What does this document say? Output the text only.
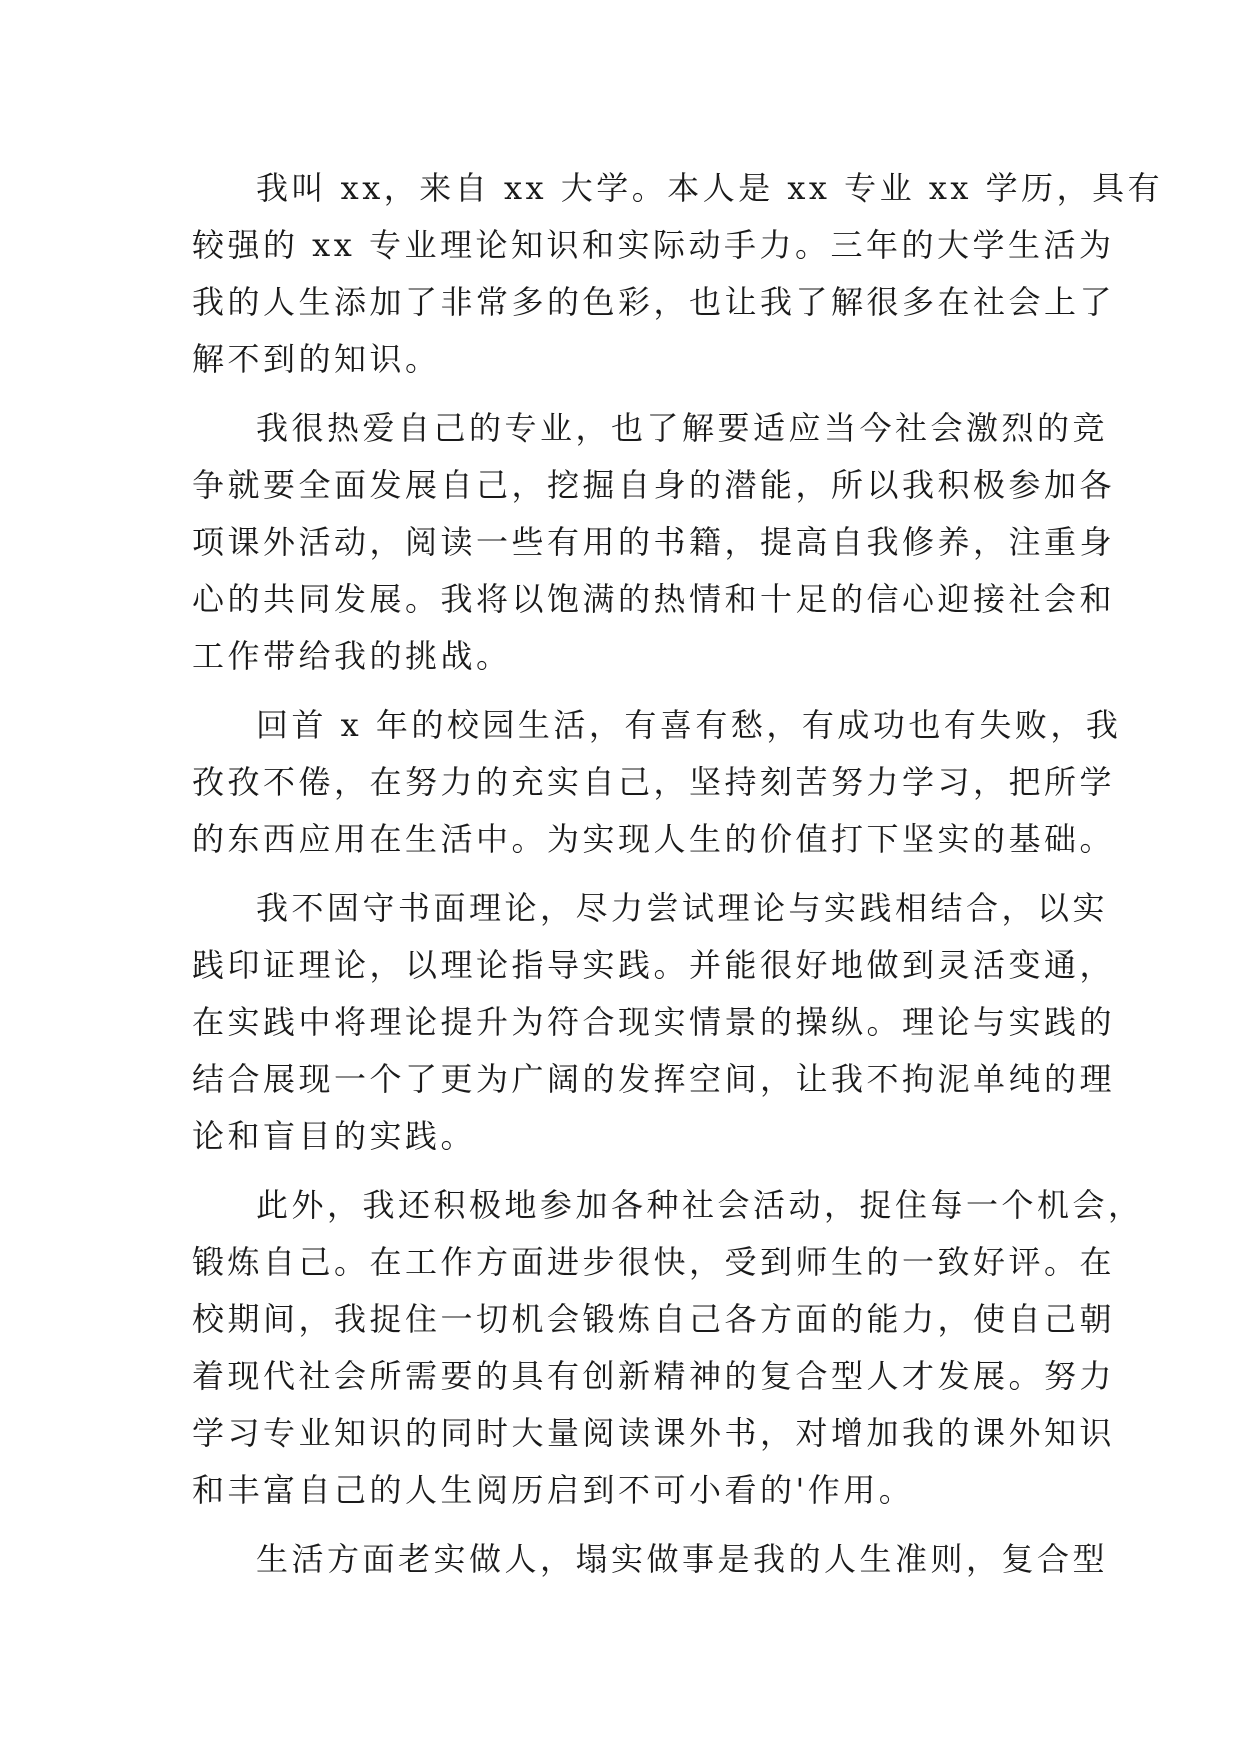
我叫 xx，来自 xx 大学。本人是 xx 专业 xx 学历，具有
较强的 xx 专业理论知识和实际动手力。三年的大学生活为
我的人生添加了非常多的色彩，也让我了解很多在社会上了
解不到的知识。
我很热爱自己的专业，也了解要适应当今社会激烈的竞
争就要全面发展自己，挖掘自身的潜能，所以我积极参加各
项课外活动，阅读一些有用的书籍，提高自我修养，注重身
心的共同发展。我将以饱满的热情和十足的信心迎接社会和
工作带给我的挑战。
回首 x 年的校园生活，有喜有愁，有成功也有失败，我
孜孜不倦，在努力的充实自己，坚持刻苦努力学习，把所学
的东西应用在生活中。为实现人生的价值打下坚实的基础。
我不固守书面理论，尽力尝试理论与实践相结合，以实
践印证理论，以理论指导实践。并能很好地做到灵活变通，
在实践中将理论提升为符合现实情景的操纵。理论与实践的
结合展现一个了更为广阔的发挥空间，让我不拘泥单纯的理
论和盲目的实践。
此外，我还积极地参加各种社会活动，捉住每一个机会，
锻炼自己。在工作方面进步很快，受到师生的一致好评。在
校期间，我捉住一切机会锻炼自己各方面的能力，使自己朝
着现代社会所需要的具有创新精神的复合型人才发展。努力
学习专业知识的同时大量阅读课外书，对增加我的课外知识
和丰富自己的人生阅历启到不可小看的'作用。
生活方面老实做人，塌实做事是我的人生准则，复合型
